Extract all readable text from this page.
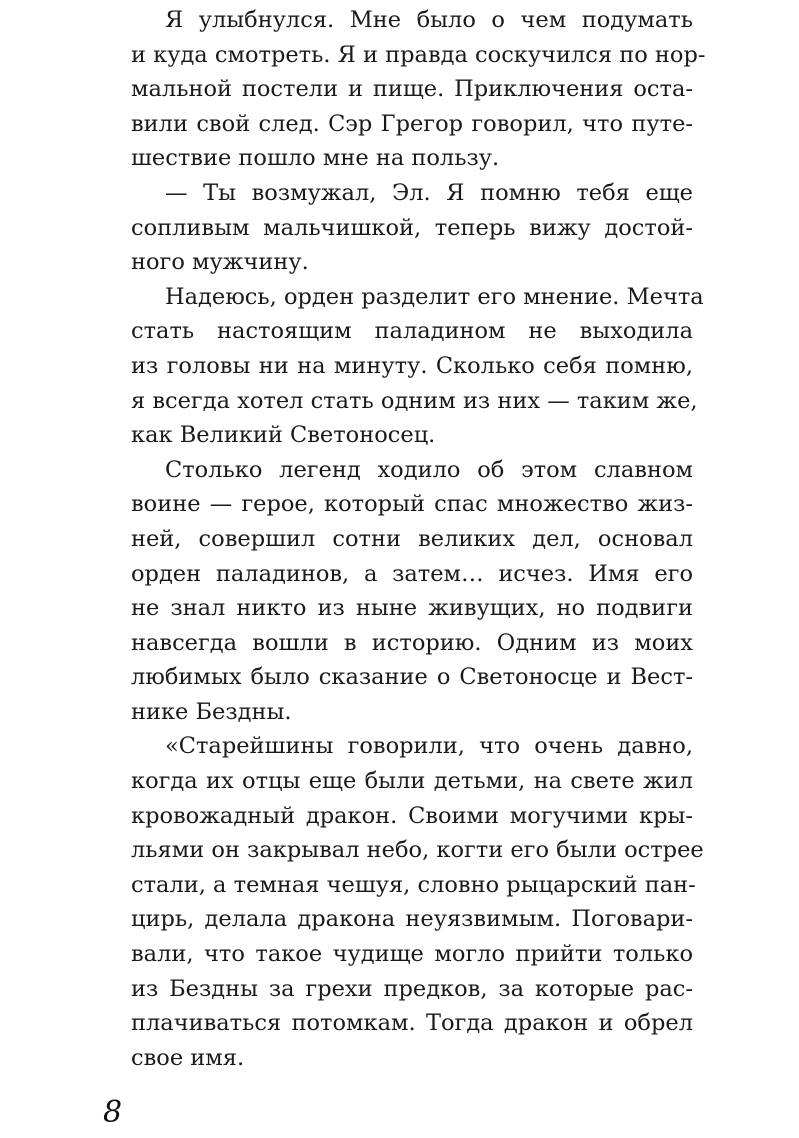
Я улыбнулся. Мне было о чем подумать
и куда смотреть. Я и правда соскучился по нор-
мальной постели и пище. Приключения оста-
вили свой след. Сэр Грегор говорил, что путе-
шествие пошло мне на пользу.
— Ты возмужал, Эл. Я помню тебя еще
сопливым мальчишкой, теперь вижу достой-
ного мужчину.
Надеюсь, орден разделит его мнение. Мечта
стать настоящим паладином не выходила
из головы ни на минуту. Сколько себя помню,
я всегда хотел стать одним из них — таким же,
как Великий Светоносец.
Столько легенд ходило об этом славном
воине — герое, который спас множество жиз-
ней, совершил сотни великих дел, основал
орден паладинов, а затем… исчез. Имя его
не знал никто из ныне живущих, но подвиги
навсегда вошли в историю. Одним из моих
любимых было сказание о Светоносце и Вест-
нике Бездны.
«Старейшины говорили, что очень давно,
когда их отцы еще были детьми, на свете жил
кровожадный дракон. Своими могучими кры-
льями он закрывал небо, когти его были острее
стали, а темная чешуя, словно рыцарский пан-
цирь, делала дракона неуязвимым. Поговари-
вали, что такое чудище могло прийти только
из Бездны за грехи предков, за которые рас-
плачиваться потомкам. Тогда дракон и обрел
свое имя.
8
